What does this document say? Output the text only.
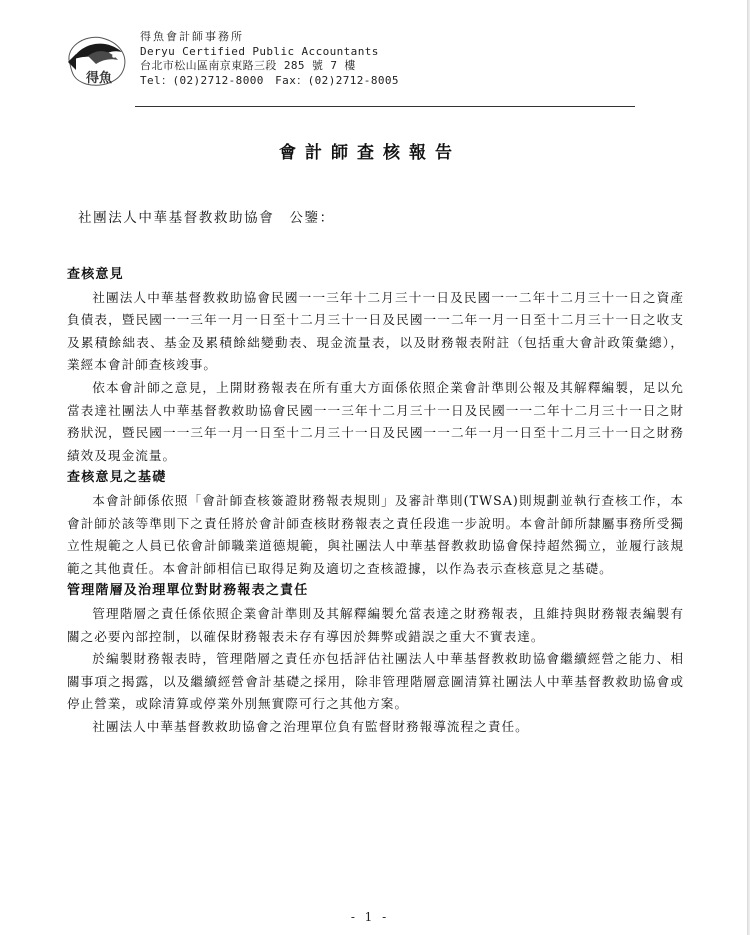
得魚
得魚會計師事務所
Deryu Certified Public Accountants
台北市松山區南京東路三段 285 號 7 樓
Tel：(02)2712-8000　Fax：(02)2712-8005
會計師查核報告
社團法人中華基督教救助協會　公鑒：
查核意見

社團法人中華基督教救助協會民國一一三年十二月三十一日及民國一一二年十二月三十一日之資產負債表，暨民國一一三年一月一日至十二月三十一日及民國一一二年一月一日至十二月三十一日之收支及累積餘絀表、基金及累積餘絀變動表、現金流量表，以及財務報表附註（包括重大會計政策彙總），業經本會計師查核竣事。

依本會計師之意見，上開財務報表在所有重大方面係依照企業會計準則公報及其解釋編製，足以允當表達社團法人中華基督教救助協會民國一一三年十二月三十一日及民國一一二年十二月三十一日之財務狀況，暨民國一一三年一月一日至十二月三十一日及民國一一二年一月一日至十二月三十一日之財務績效及現金流量。

查核意見之基礎

本會計師係依照「會計師查核簽證財務報表規則」及審計準則(TWSA)則規劃並執行查核工作，本會計師於該等準則下之責任將於會計師查核財務報表之責任段進一步說明。本會計師所隸屬事務所受獨立性規範之人員已依會計師職業道德規範，與社團法人中華基督教救助協會保持超然獨立，並履行該規範之其他責任。本會計師相信已取得足夠及適切之查核證據，以作為表示查核意見之基礎。

管理階層及治理單位對財務報表之責任

管理階層之責任係依照企業會計準則及其解釋編製允當表達之財務報表，且維持與財務報表編製有關之必要內部控制，以確保財務報表未存有導因於舞弊或錯誤之重大不實表達。

於編製財務報表時，管理階層之責任亦包括評估社團法人中華基督教救助協會繼續經營之能力、相關事項之揭露，以及繼續經營會計基礎之採用，除非管理階層意圖清算社團法人中華基督教救助協會或停止營業，或除清算或停業外別無實際可行之其他方案。

社團法人中華基督教救助協會之治理單位負有監督財務報導流程之責任。

- 1 -
